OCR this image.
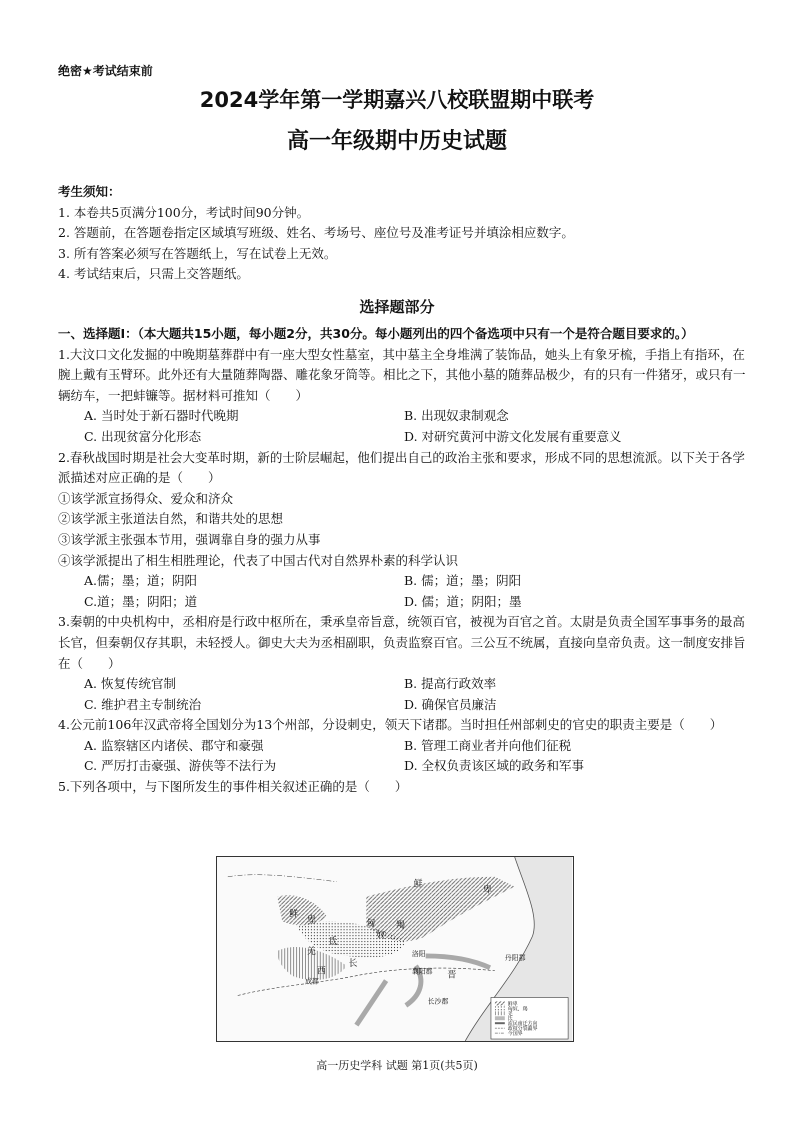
绝密★考试结束前
2024学年第一学期嘉兴八校联盟期中联考
高一年级期中历史试题
考生须知：
1. 本卷共5页满分100分，考试时间90分钟。
2. 答题前，在答题卷指定区域填写班级、姓名、考场号、座位号及准考证号并填涂相应数字。
3. 所有答案必须写在答题纸上，写在试卷上无效。
4. 考试结束后，只需上交答题纸。
选择题部分
一、选择题Ⅰ：（本大题共15小题，每小题2分，共30分。每小题列出的四个备选项中只有一个是符合题目要求的。）
1.大汶口文化发掘的中晚期墓葬群中有一座大型女性墓室，其中墓主全身堆满了装饰品，她头上有象牙梳，手指上有指环，在腕上戴有玉臂环。此外还有大量随葬陶器、雕花象牙筒等。相比之下，其他小墓的随葬品极少，有的只有一件猪牙，或只有一辆纺车，一把蚌镰等。据材料可推知（　　）
A. 当时处于新石器时代晚期	B. 出现奴隶制观念
C. 出现贫富分化形态	D. 对研究黄河中游文化发展有重要意义
2.春秋战国时期是社会大变革时期，新的士阶层崛起，他们提出自己的政治主张和要求，形成不同的思想流派。以下关于各学派描述对应正确的是（　　）
①该学派宣扬得众、爱众和济众
②该学派主张道法自然，和谐共处的思想
③该学派主张强本节用，强调靠自身的强力从事
④该学派提出了相生相胜理论，代表了中国古代对自然界朴素的科学认识
A.儒；墨；道；阴阳	B. 儒；道；墨；阴阳
C.道；墨；阴阳；道	D. 儒；道；阴阳；墨
3.秦朝的中央机构中，丞相府是行政中枢所在，秉承皇帝旨意，统领百官，被视为百官之首。太尉是负责全国军事事务的最高长官，但秦朝仅存其职，未轻授人。御史大夫为丞相副职，负责监察百官。三公互不统属，直接向皇帝负责。这一制度安排旨在（　　）
A. 恢复传统官制	B. 提高行政效率
C. 维护君主专制统治	D. 确保官员廉洁
4.公元前106年汉武帝将全国划分为13个州部，分设刺史，领天下诸郡。当时担任州部刺史的官史的职责主要是（　　）
A. 监察辖区内诸侯、郡守和豪强	B. 管理工商业者并向他们征税
C. 严厉打击豪强、游侠等不法行为	D. 全权负责该区域的政务和军事
5.下列各项中，与下图所发生的事件相关叙述正确的是（　　）
鲜
卑
鲜
卑	匈
奴
羯
氐
羌
长
西	晋
洛阳
襄阳郡
成都
长沙郡
丹阳郡
鲜卑
匈奴、羯
羌
氐
流民南迁方向
政权分裂疆界
今国界
高一历史学科 试题 第1页(共5页)
